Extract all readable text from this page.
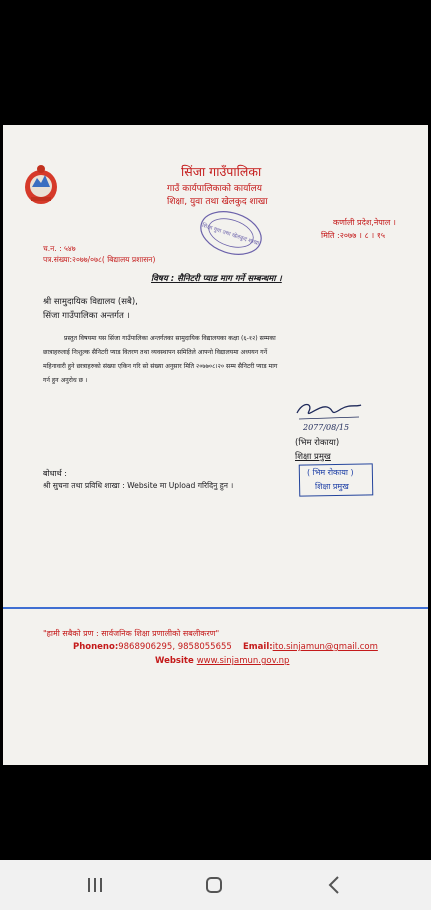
सिंजा गाउँपालिका
गाउँ कार्यपालिकाको कार्यालय
शिक्षा, युवा तथा खेलकुद शाखा
शिक्षा युवा तथा खेलकुद शाखा
कर्णाली प्रदेश,नेपाल ।
मिति :२०७७ । ८ । १५
च.न. : ५४७
पत्र.संख्या:२०७७/०७८( बिद्यालय प्रशासन)
विषय : सैनिटरी प्याड माग गर्ने सम्बन्धमा ।
श्री सामुदायिक विद्यालय (सबै),
सिंजा गाउँपालिका अन्तर्गत ।
प्रस्तुत विषयमा यस सिंजा गाउँपालिका अन्तर्गतका सामुदायिक विद्यालयका कक्षा (६-१२) सम्मका
छात्राहरुलाई निःशुल्क सैनिटरी प्याड वितरण तथा व्यवस्थापन समितिले आफ्नो विद्यालयमा अध्ययन गर्ने
महिनावारी हुने छात्राहरुको संख्या एकिन गरि सो संख्या अनुसार मिति २०७७०८।२० सम्म सैनिटरी प्याड माग
गर्न हुन अनुरोध छ ।
2077/08/15
(भिम रोकाया)
शिक्षा प्रमुख
( भिम रोकाया )
शिक्षा प्रमुख
बोधार्थ :
श्री सुचना तथा प्रविधि शाखा : Website मा Upload गरिदिनु हुन ।
"हामी सबैको प्रण : सार्वजनिक शिक्षा प्रणालीको सबलीकरण"
Phoneno:9868906295, 9858055655 Email:ito.sinjamun@gmail.com
Website www.sinjamun.gov.np
